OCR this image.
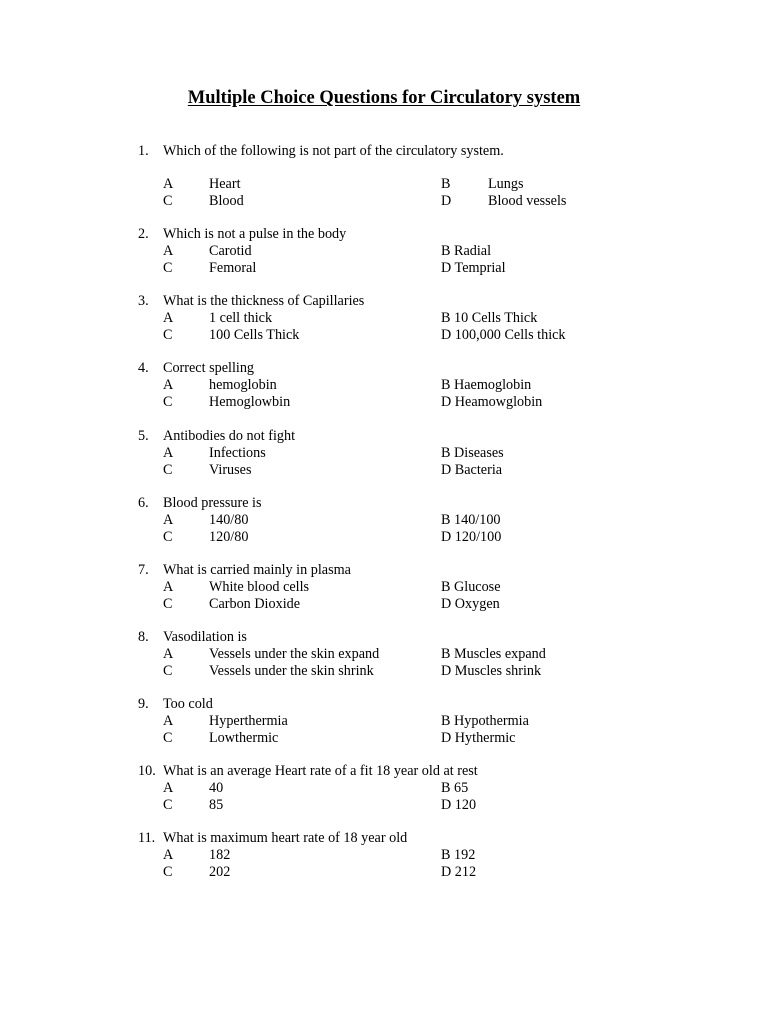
Multiple Choice Questions for Circulatory system
1. Which of the following is not part of the circulatory system.
A	Heart	B	Lungs
C	Blood	D	Blood vessels
2. Which is not a pulse in the body
A	Carotid	B Radial
C	Femoral	D Temprial
3. What is the thickness of Capillaries
A	1 cell thick	B 10 Cells Thick
C	100 Cells Thick	D 100,000 Cells thick
4. Correct spelling
A	hemoglobin	B Haemoglobin
C	Hemoglowbin	D Heamowglobin
5. Antibodies do not fight
A	Infections	B Diseases
C	Viruses	D Bacteria
6. Blood pressure is
A	140/80	B 140/100
C	120/80	D 120/100
7. What is carried mainly in plasma
A	White blood cells	B Glucose
C	Carbon Dioxide	D Oxygen
8. Vasodilation is
A	Vessels under the skin expand	B Muscles expand
C	Vessels under the skin shrink	D Muscles shrink
9. Too cold
A	Hyperthermia	B Hypothermia
C	Lowthermic	D Hythermic
10. What is an average Heart rate of a fit 18 year old at rest
A	40	B 65
C	85	D 120
11. What is maximum heart rate of 18 year old
A	182	B 192
C	202	D 212
